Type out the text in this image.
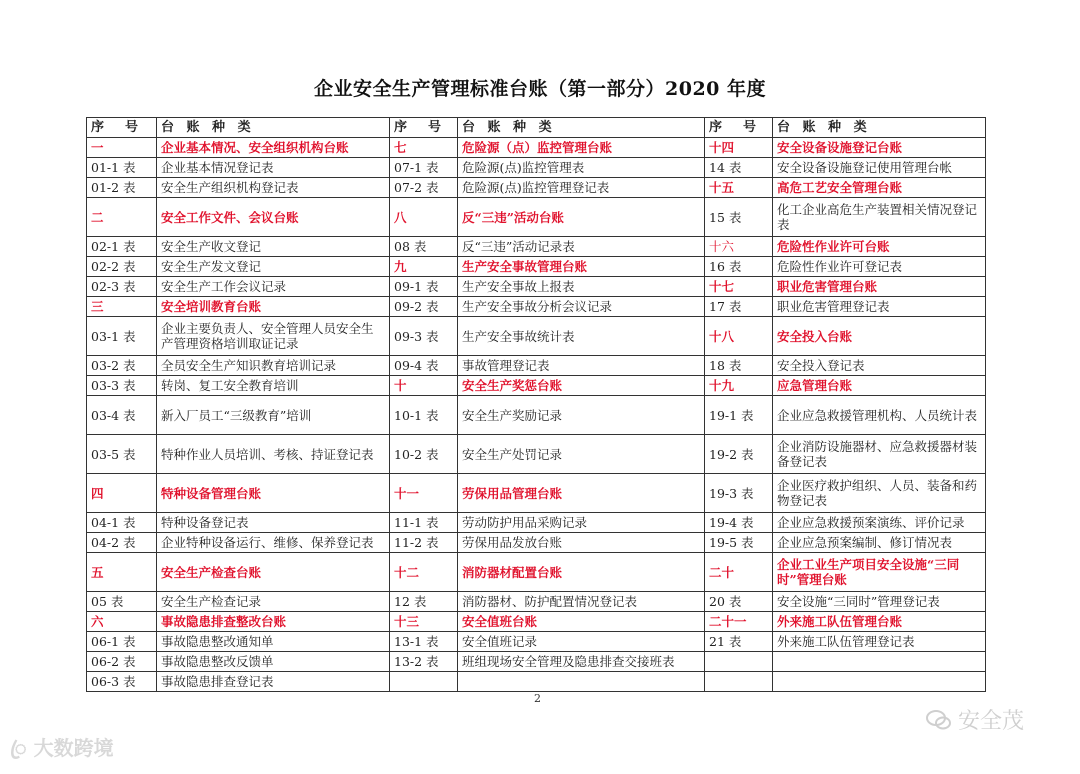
企业安全生产管理标准台账（第一部分）2020 年度
序　号	台 账 种 类	序　号	台 账 种 类	序　号	台 账 种 类
一	企业基本情况、安全组织机构台账	七	危险源（点）监控管理台账	十四	安全设备设施登记台账
01-1 表	企业基本情况登记表	07-1 表	危险源(点)监控管理表	14 表	安全设备设施登记使用管理台帐
01-2 表	安全生产组织机构登记表	07-2 表	危险源(点)监控管理登记表	十五	高危工艺安全管理台账
二	安全工作文件、会议台账	八	反“三违”活动台账	15 表	化工企业高危生产装置相关情况登记表
02-1 表	安全生产收文登记	08 表	反“三违”活动记录表	十六	危险性作业许可台账
02-2 表	安全生产发文登记	九	生产安全事故管理台账	16 表	危险性作业许可登记表
02-3 表	安全生产工作会议记录	09-1 表	生产安全事故上报表	十七	职业危害管理台账
三	安全培训教育台账	09-2 表	生产安全事故分析会议记录	17 表	职业危害管理登记表
03-1 表	企业主要负责人、安全管理人员安全生产管理资格培训取证记录	09-3 表	生产安全事故统计表	十八	安全投入台账
03-2 表	全员安全生产知识教育培训记录	09-4 表	事故管理登记表	18 表	安全投入登记表
03-3 表	转岗、复工安全教育培训	十	安全生产奖惩台账	十九	应急管理台账
03-4 表	新入厂员工“三级教育”培训	10-1 表	安全生产奖励记录	19-1 表	企业应急救援管理机构、人员统计表
03-5 表	特种作业人员培训、考核、持证登记表	10-2 表	安全生产处罚记录	19-2 表	企业消防设施器材、应急救援器材装备登记表
四	特种设备管理台账	十一	劳保用品管理台账	19-3 表	企业医疗救护组织、人员、装备和药物登记表
04-1 表	特种设备登记表	11-1 表	劳动防护用品采购记录	19-4 表	企业应急救援预案演练、评价记录
04-2 表	企业特种设备运行、维修、保养登记表	11-2 表	劳保用品发放台账	19-5 表	企业应急预案编制、修订情况表
五	安全生产检查台账	十二	消防器材配置台账	二十	企业工业生产项目安全设施“三同时”管理台账
05 表	安全生产检查记录	12 表	消防器材、防护配置情况登记表	20 表	安全设施“三同时”管理登记表
六	事故隐患排查整改台账	十三	安全值班台账	二十一	外来施工队伍管理台账
06-1 表	事故隐患整改通知单	13-1 表	安全值班记录	21 表	外来施工队伍管理登记表
06-2 表	事故隐患整改反馈单	13-2 表	班组现场安全管理及隐患排查交接班表		
06-3 表	事故隐患排查登记表				
2
ꦿ 大数跨境
安全茂
